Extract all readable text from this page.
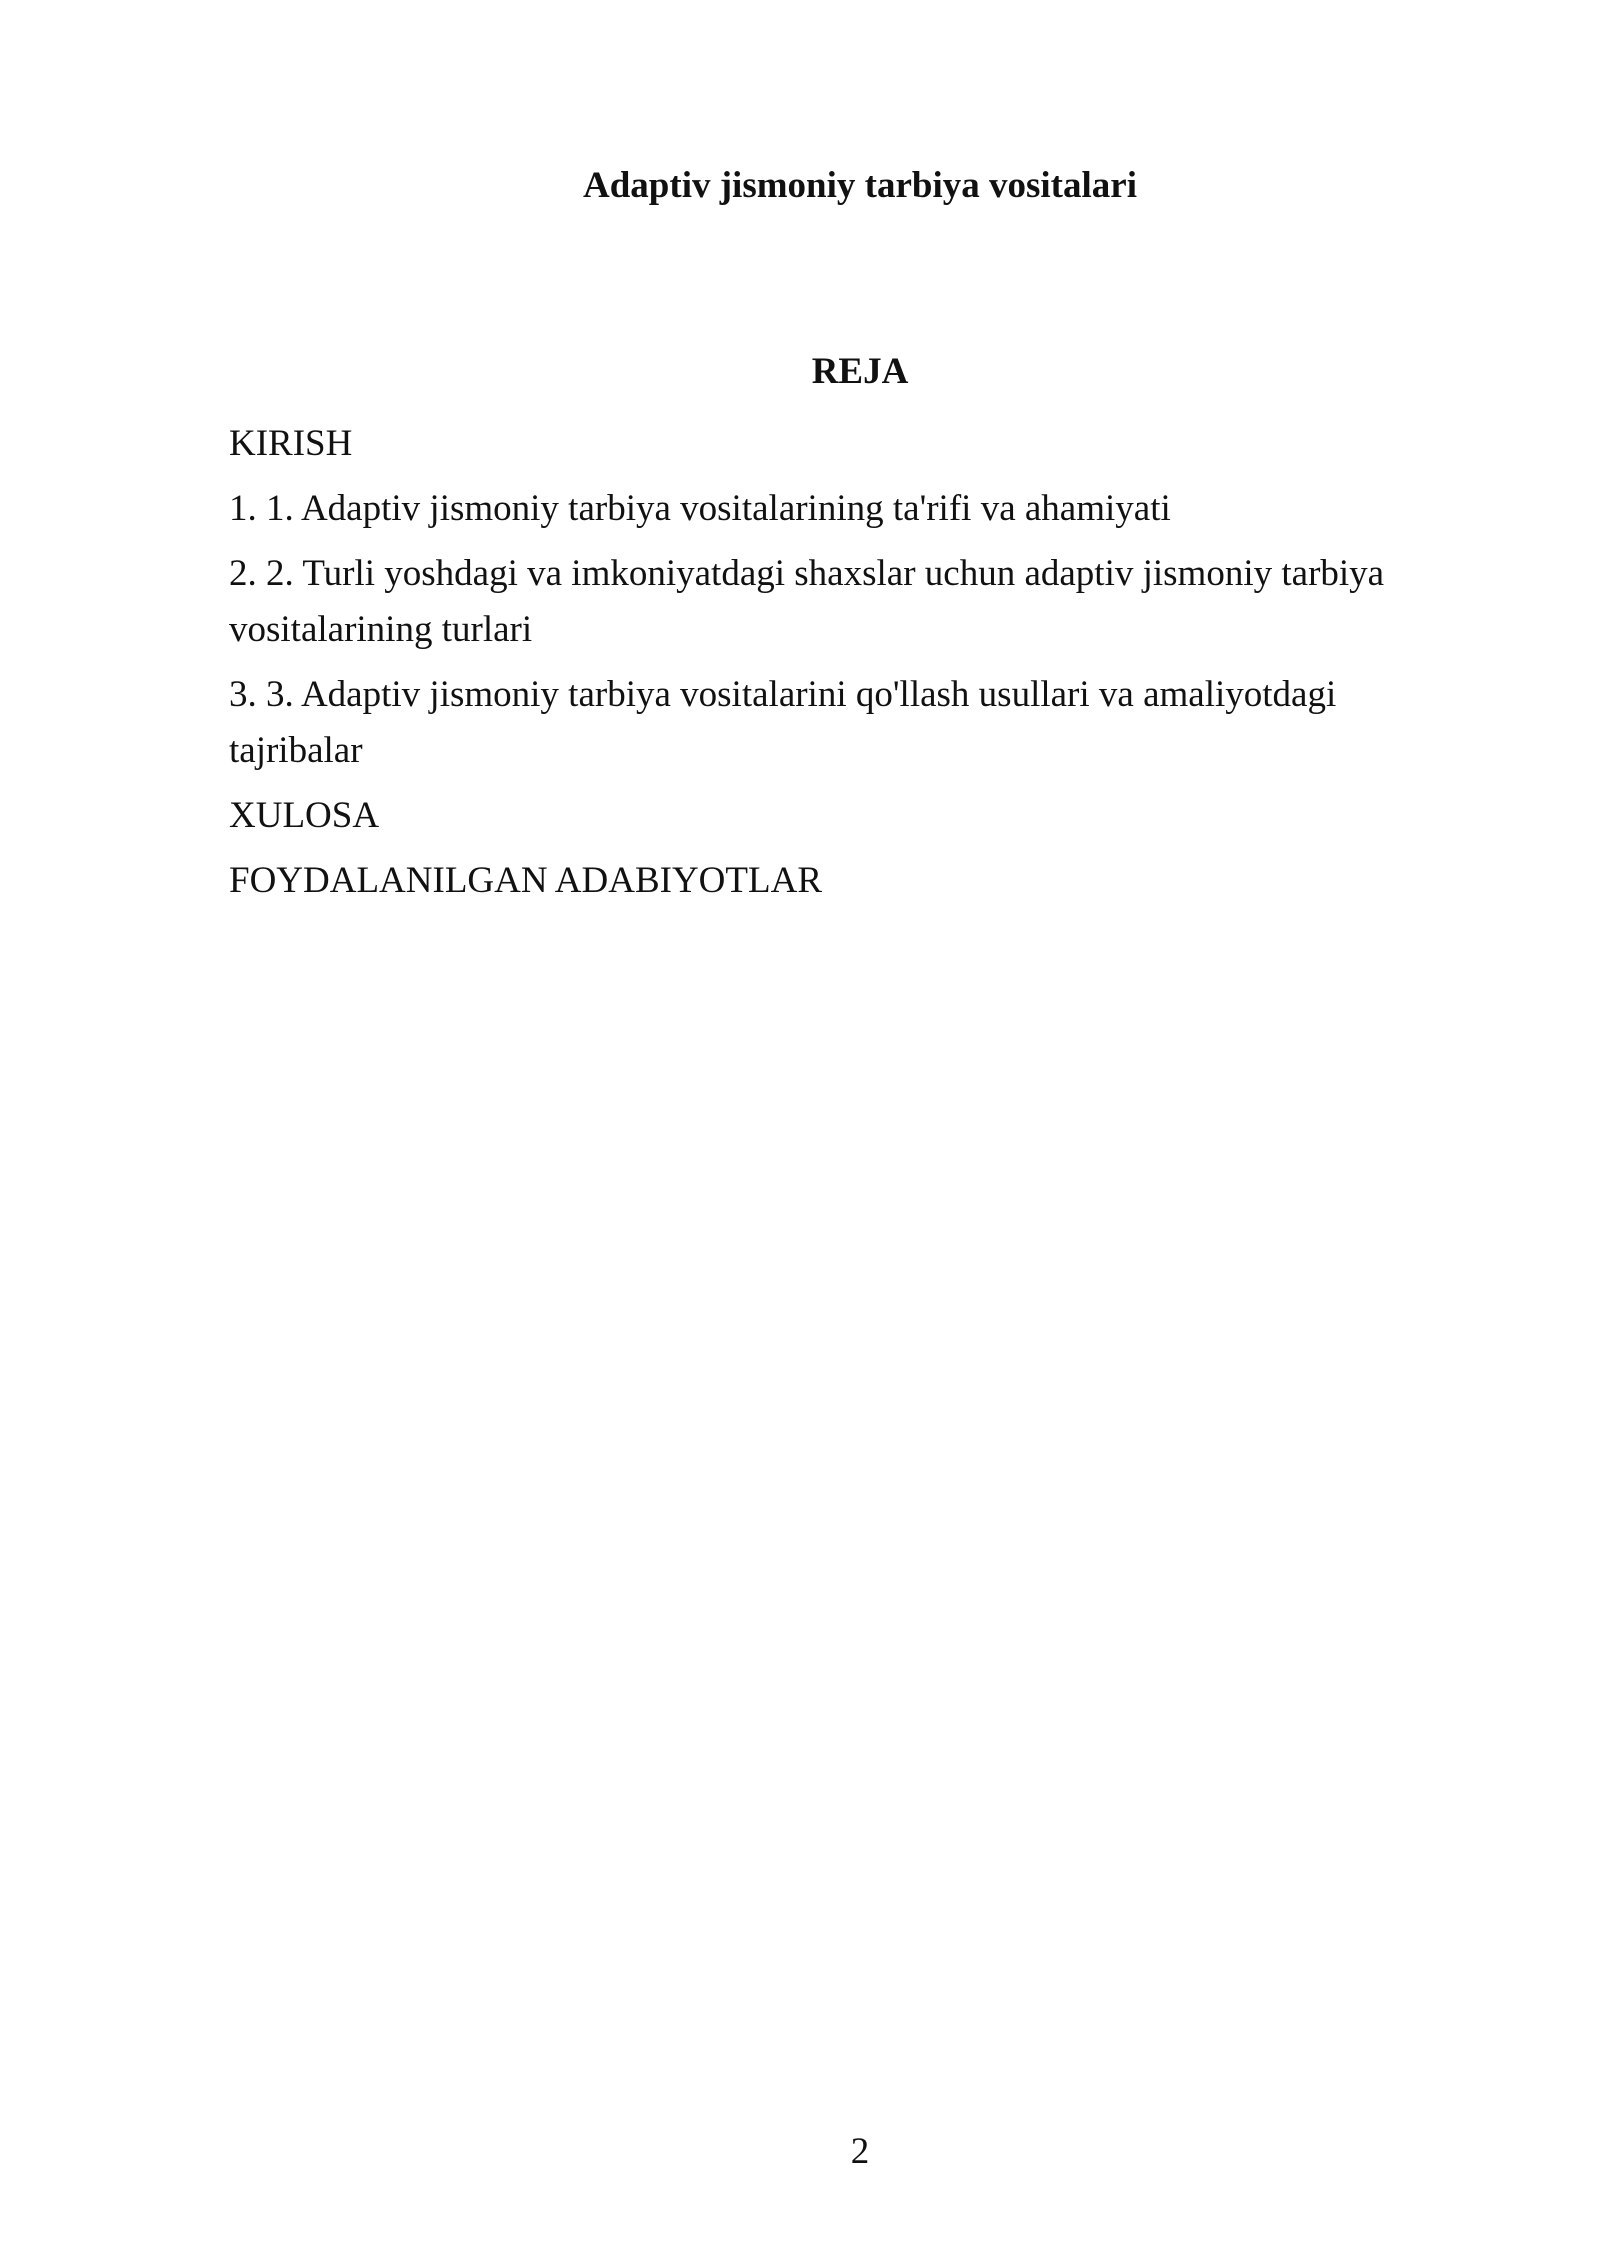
Adaptiv jismoniy tarbiya vositalari
REJA
KIRISH
1. 1. Adaptiv jismoniy tarbiya vositalarining ta'rifi va ahamiyati
2. 2. Turli yoshdagi va imkoniyatdagi shaxslar uchun adaptiv jismoniy tarbiya vositalarining turlari
3. 3. Adaptiv jismoniy tarbiya vositalarini qo'llash usullari va amaliyotdagi tajribalar
XULOSA
FOYDALANILGAN ADABIYOTLAR
2
